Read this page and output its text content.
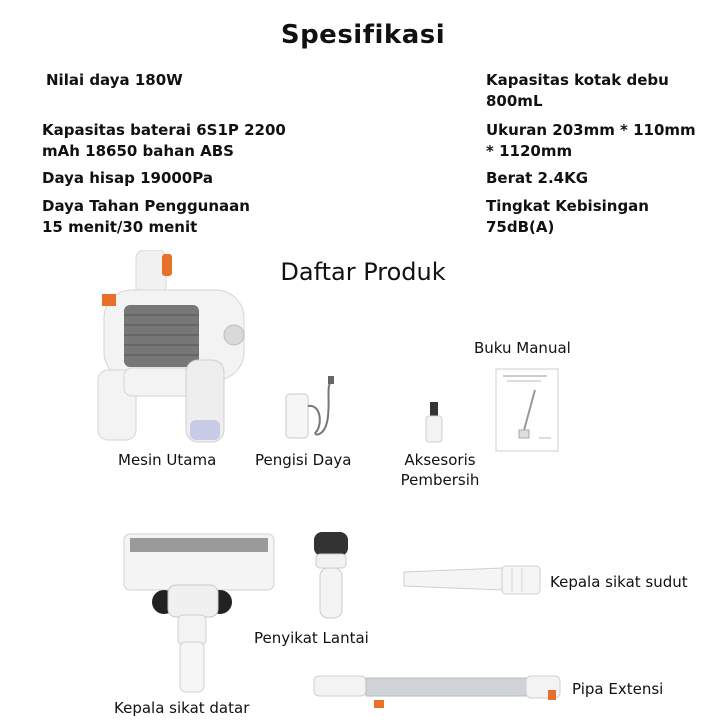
Spesifikasi
Nilai daya 180W
Kapasitas baterai 6S1P 2200
mAh 18650 bahan ABS
Daya hisap 19000Pa
Daya Tahan Penggunaan
15 menit/30 menit
Kapasitas kotak debu
800mL
Ukuran 203mm * 110mm
* 1120mm
Berat 2.4KG
Tingkat Kebisingan
75dB(A)
Daftar Produk
Mesin Utama	Pengisi Daya	Aksesoris
Pembersih
Buku Manual
Penyikat Lantai
Kepala sikat sudut
Kepala sikat datar
Pipa Extensi
